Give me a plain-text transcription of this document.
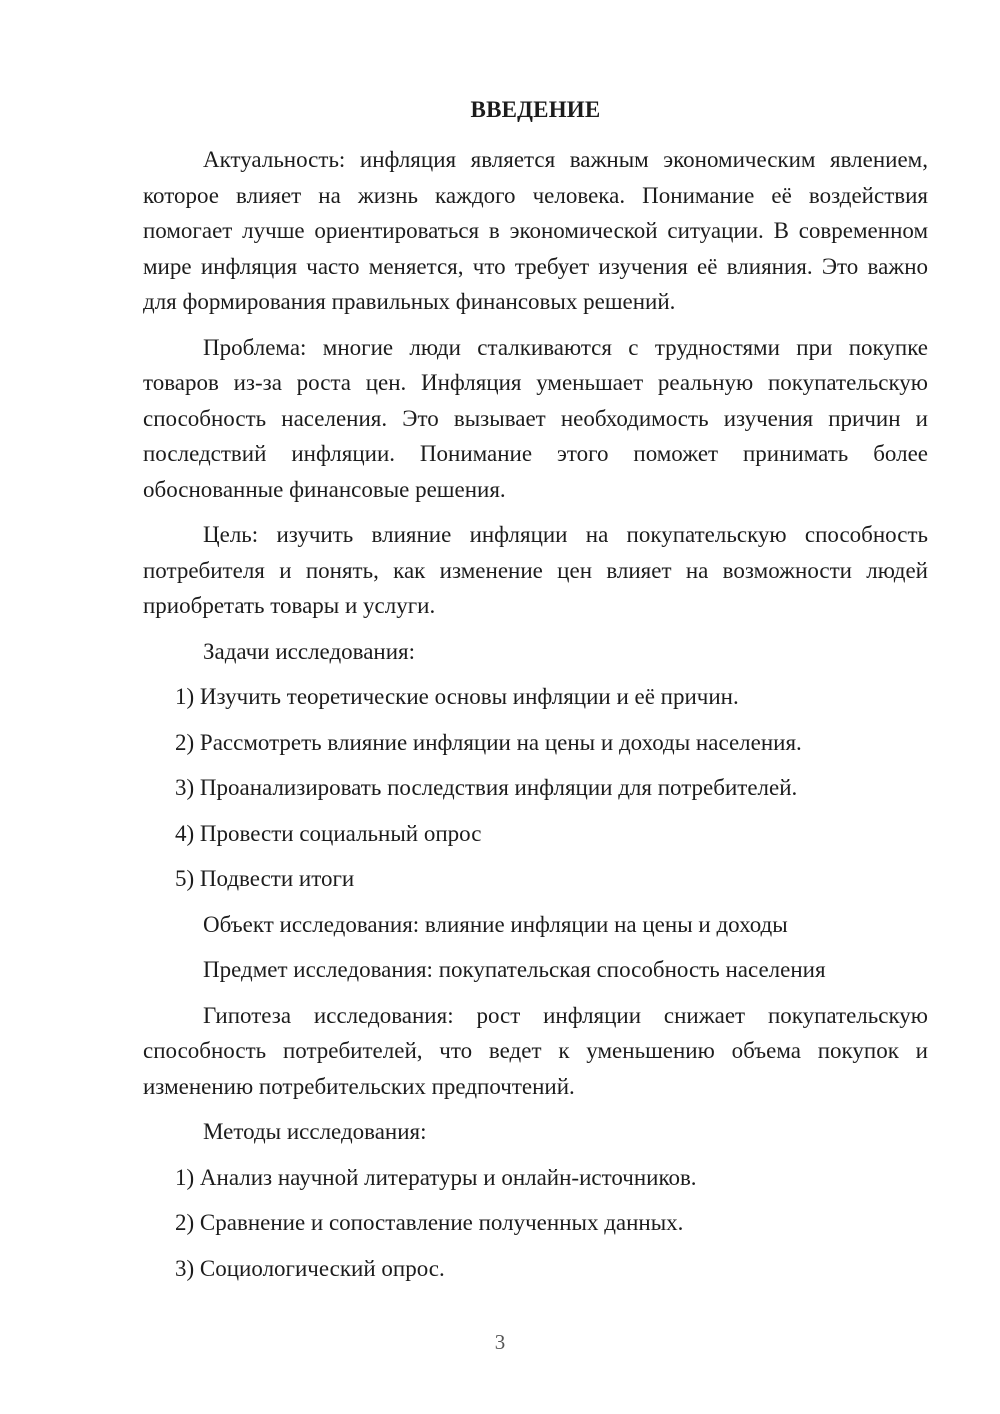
ВВЕДЕНИЕ

Актуальность: инфляция является важным экономическим явлением, которое влияет на жизнь каждого человека. Понимание её воздействия помогает лучше ориентироваться в экономической ситуации. В современном мире инфляция часто меняется, что требует изучения её влияния. Это важно для формирования правильных финансовых решений.

Проблема: многие люди сталкиваются с трудностями при покупке товаров из-за роста цен. Инфляция уменьшает реальную покупательскую способность населения. Это вызывает необходимость изучения причин и последствий инфляции. Понимание этого поможет принимать более обоснованные финансовые решения.

Цель: изучить влияние инфляции на покупательскую способность потребителя и понять, как изменение цен влияет на возможности людей приобретать товары и услуги.

Задачи исследования:

1) Изучить теоретические основы инфляции и её причин.

2) Рассмотреть влияние инфляции на цены и доходы населения.

3) Проанализировать последствия инфляции для потребителей.

4) Провести социальный опрос

5) Подвести итоги

Объект исследования: влияние инфляции на цены и доходы

Предмет исследования: покупательская способность населения

Гипотеза исследования: рост инфляции снижает покупательскую способность потребителей, что ведет к уменьшению объема покупок и изменению потребительских предпочтений.

Методы исследования:

1) Анализ научной литературы и онлайн-источников.

2) Сравнение и сопоставление полученных данных.

3) Социологический опрос.

3
